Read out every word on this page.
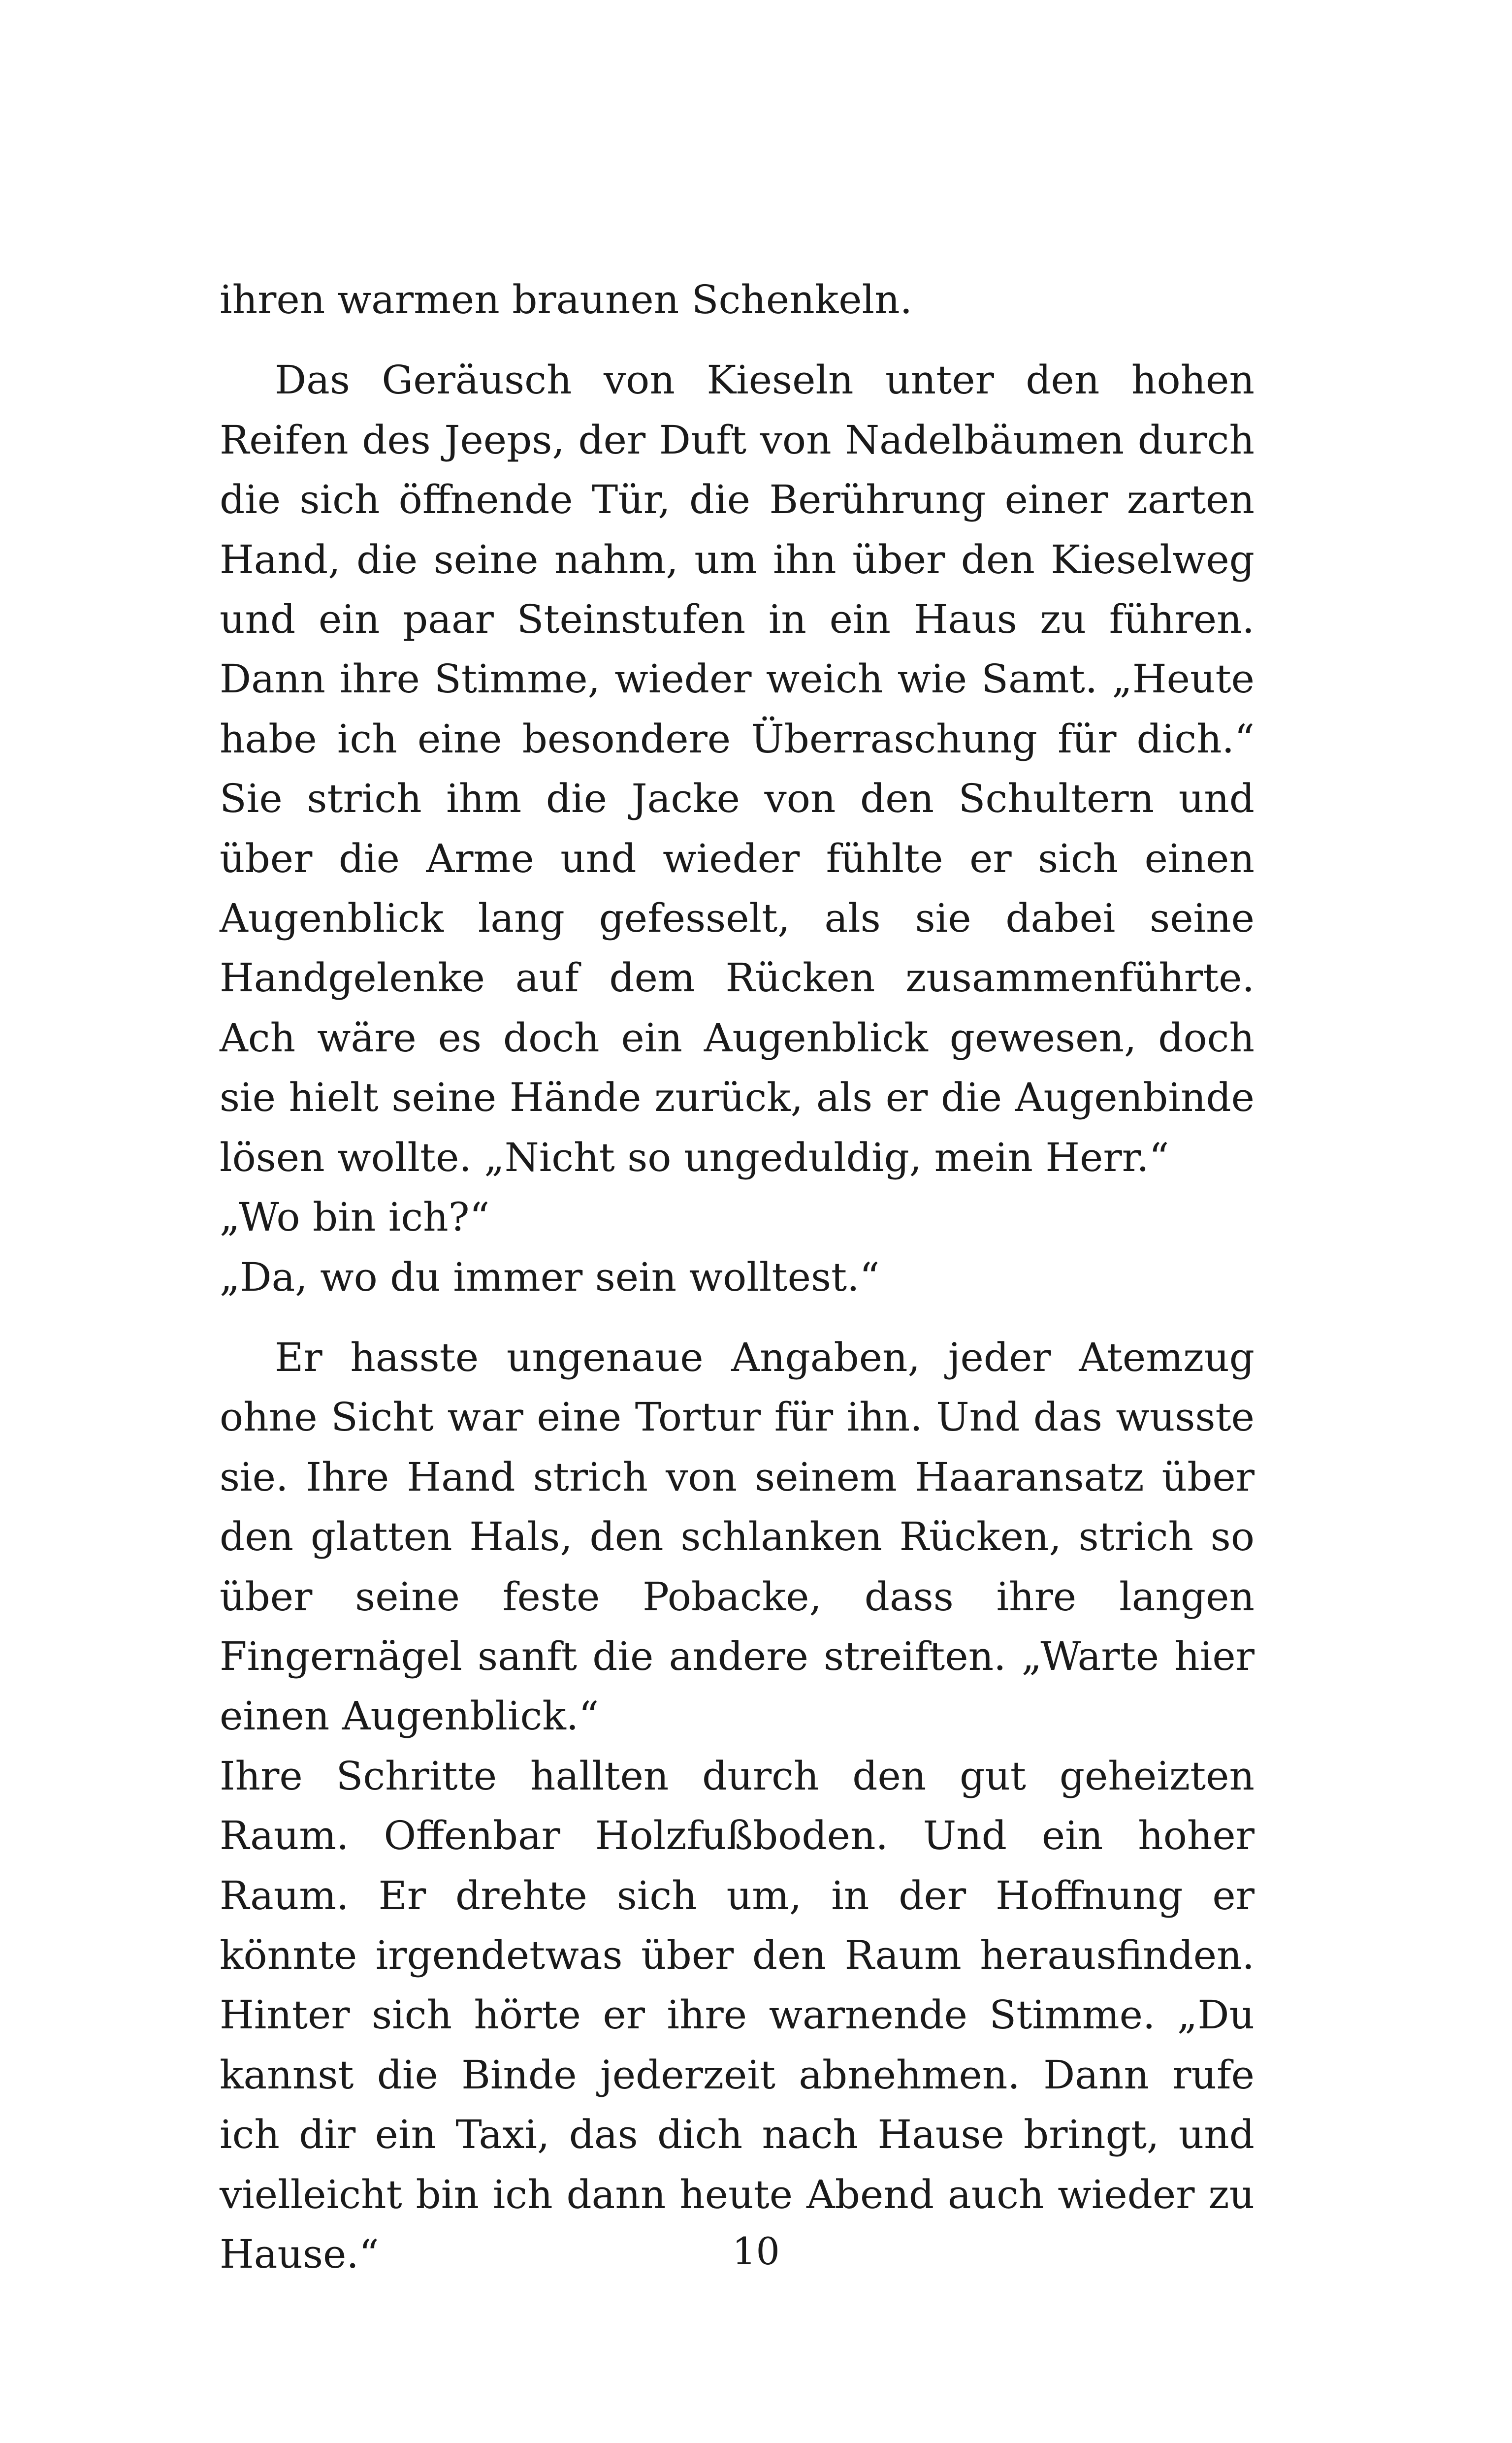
ihren warmen braunen Schenkeln.

Das Geräusch von Kieseln unter den hohen Reifen des Jeeps, der Duft von Nadelbäumen durch die sich öffnende Tür, die Berührung einer zarten Hand, die seine nahm, um ihn über den Kieselweg und ein paar Steinstufen in ein Haus zu führen. Dann ihre Stimme, wieder weich wie Samt. „Heute habe ich eine besondere Überraschung für dich.“ Sie strich ihm die Jacke von den Schultern und über die Arme und wieder fühlte er sich einen Augenblick lang gefesselt, als sie dabei seine Handgelenke auf dem Rücken zusammenführte. Ach wäre es doch ein Augenblick gewesen, doch sie hielt seine Hände zurück, als er die Augenbinde lösen wollte. „Nicht so ungeduldig, mein Herr.“

„Wo bin ich?“

„Da, wo du immer sein wolltest.“

Er hasste ungenaue Angaben, jeder Atemzug ohne Sicht war eine Tortur für ihn. Und das wusste sie. Ihre Hand strich von seinem Haaransatz über den glatten Hals, den schlanken Rücken, strich so über seine feste Pobacke, dass ihre langen Fingernägel sanft die andere streiften. „Warte hier einen Augenblick.“

Ihre Schritte hallten durch den gut geheizten Raum. Offenbar Holzfußboden. Und ein hoher Raum. Er drehte sich um, in der Hoffnung er könnte irgendetwas über den Raum herausfinden. Hinter sich hörte er ihre warnende Stimme. „Du kannst die Binde jederzeit abnehmen. Dann rufe ich dir ein Taxi, das dich nach Hause bringt, und vielleicht bin ich dann heute Abend auch wieder zu Hause.“	10
